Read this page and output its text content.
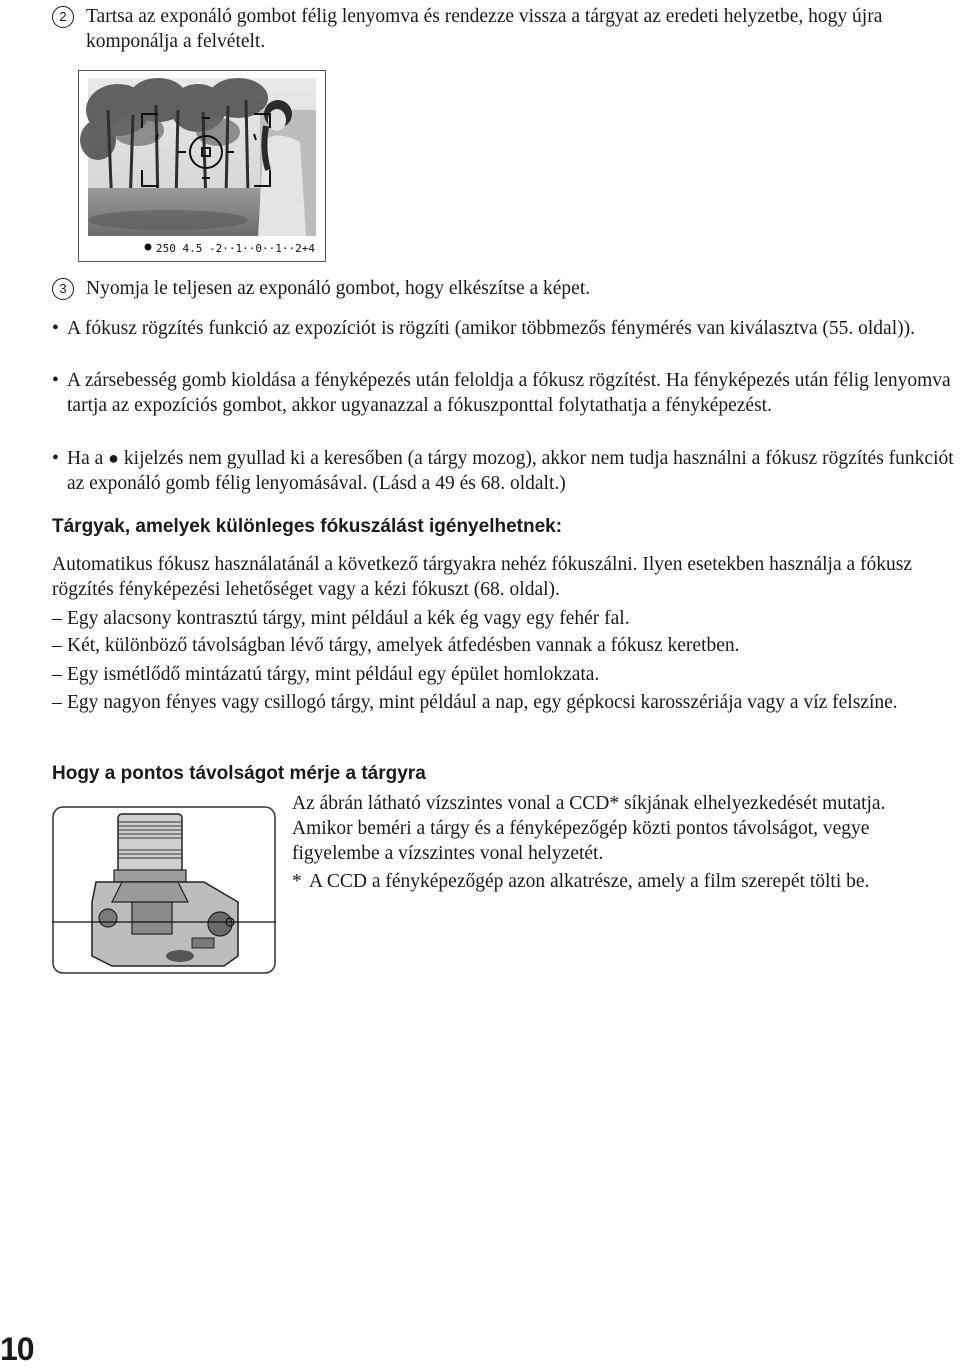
2 Tartsa az exponáló gombot félig lenyomva és rendezze vissza a tárgyat az eredeti helyzetbe, hogy újra komponálja a felvételt.
250 4.5 -2··1··0··1··2+4
3 Nyomja le teljesen az exponáló gombot, hogy elkészítse a képet.
• A fókusz rögzítés funkció az expozíciót is rögzíti (amikor többmezős fénymérés van kiválasztva (55. oldal)).
• A zársebesség gomb kioldása a fényképezés után feloldja a fókusz rögzítést. Ha fényképezés után félig lenyomva tartja az expozíciós gombot, akkor ugyanazzal a fókuszponttal folytathatja a fényképezést.
• Ha a ● kijelzés nem gyullad ki a keresőben (a tárgy mozog), akkor nem tudja használni a fókusz rögzítés funkciót az exponáló gomb félig lenyomásával. (Lásd a 49 és 68. oldalt.)
Tárgyak, amelyek különleges fókuszálást igényelhetnek:
Automatikus fókusz használatánál a következő tárgyakra nehéz fókuszálni. Ilyen esetekben használja a fókusz rögzítés fényképezési lehetőséget vagy a kézi fókuszt (68. oldal).
– Egy alacsony kontrasztú tárgy, mint például a kék ég vagy egy fehér fal.
– Két, különböző távolságban lévő tárgy, amelyek átfedésben vannak a fókusz keretben.
– Egy ismétlődő mintázatú tárgy, mint például egy épület homlokzata.
– Egy nagyon fényes vagy csillogó tárgy, mint például a nap, egy gépkocsi karosszériája vagy a víz felszíne.
Hogy a pontos távolságot mérje a tárgyra
Az ábrán látható vízszintes vonal a CCD* síkjának elhelyezkedését mutatja. Amikor beméri a tárgy és a fényképezőgép közti pontos távolságot, vegye figyelembe a vízszintes vonal helyzetét.
* A CCD a fényképezőgép azon alkatrésze, amely a film szerepét tölti be.
10
